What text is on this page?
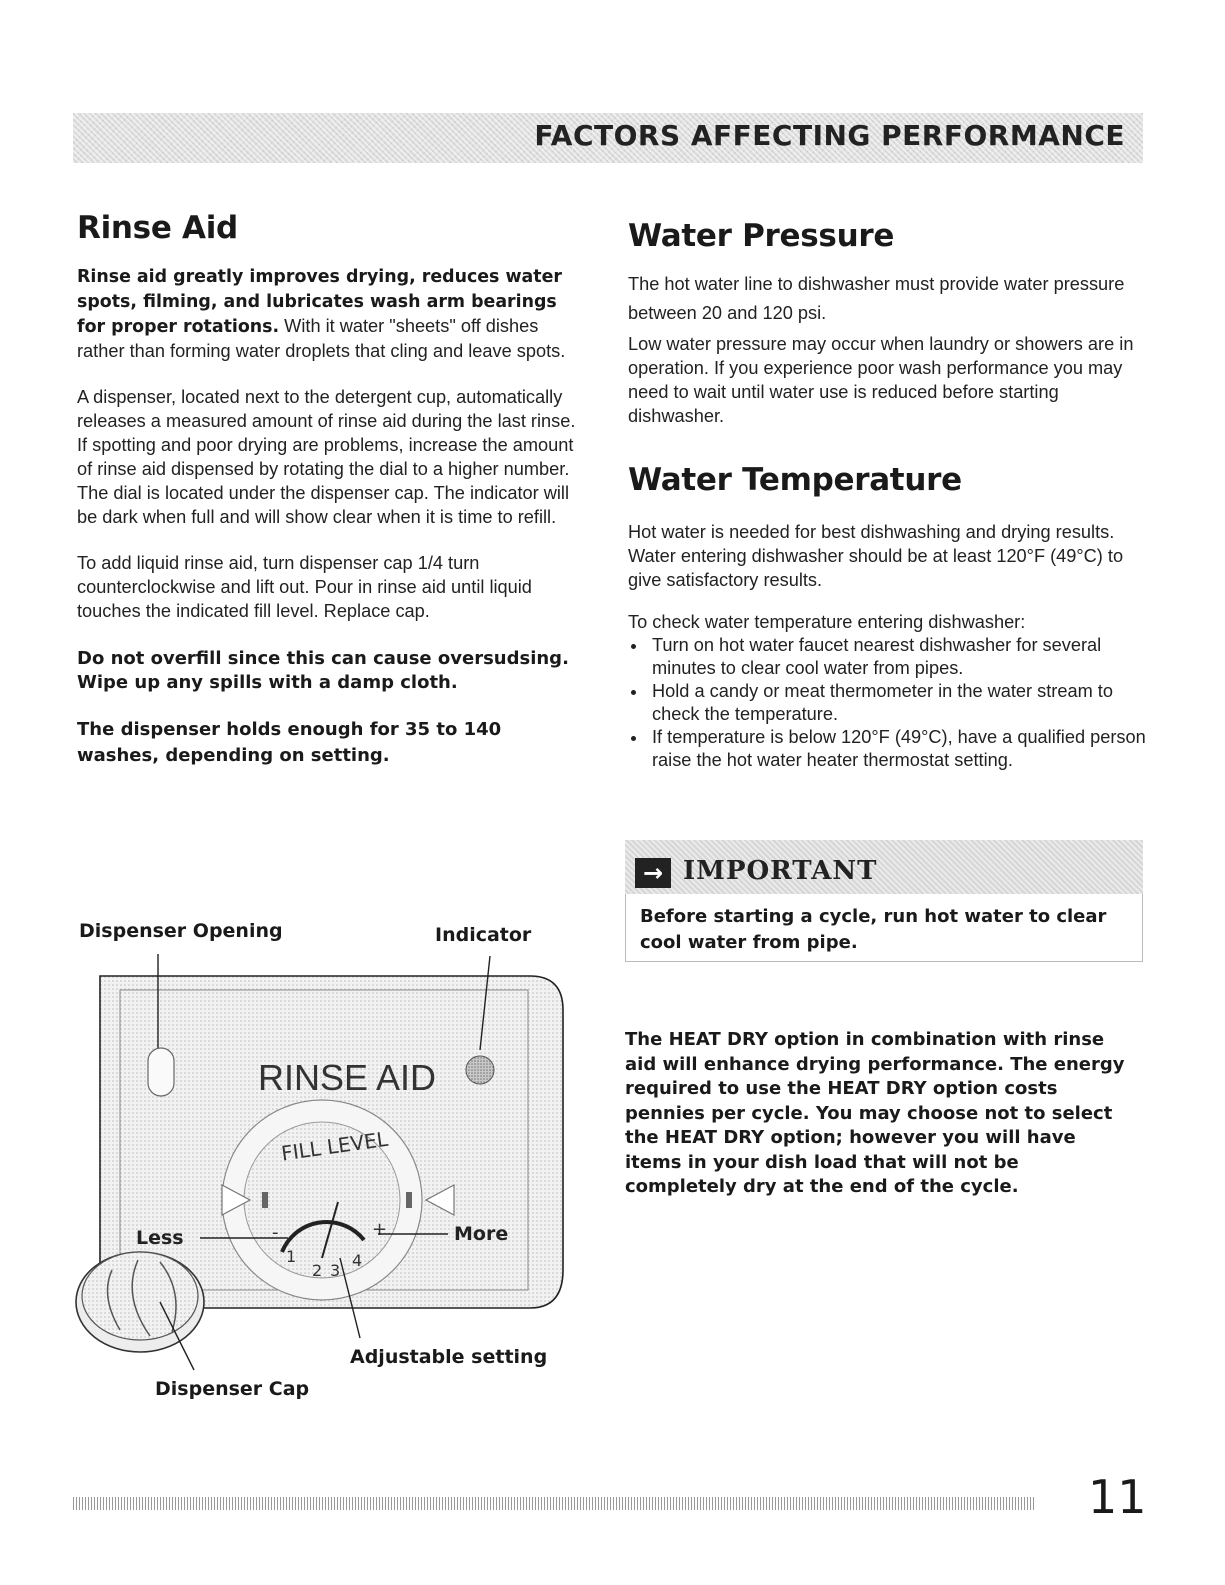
FACTORS AFFECTING PERFORMANCE
Rinse Aid

Rinse aid greatly improves drying, reduces water spots, filming, and lubricates wash arm bearings for proper rotations. With it water "sheets" off dishes rather than forming water droplets that cling and leave spots.

A dispenser, located next to the detergent cup, automatically releases a measured amount of rinse aid during the last rinse. If spotting and poor drying are problems, increase the amount of rinse aid dispensed by rotating the dial to a higher number. The dial is located under the dispenser cap. The indicator will be dark when full and will show clear when it is time to refill.

To add liquid rinse aid, turn dispenser cap 1/4 turn counterclockwise and lift out. Pour in rinse aid until liquid touches the indicated fill level. Replace cap.

Do not overfill since this can cause oversudsing. Wipe up any spills with a damp cloth.

The dispenser holds enough for 35 to 140 washes, depending on setting.

Dispenser Opening	Indicator
Adjustable setting
Dispenser Cap
RINSE AID
FILL LEVEL
-	+
1
2 3
4
Less	More
Water Pressure

The hot water line to dishwasher must provide water pressure between 20 and 120 psi.

Low water pressure may occur when laundry or showers are in operation. If you experience poor wash performance you may need to wait until water use is reduced before starting dishwasher.

Water Temperature

Hot water is needed for best dishwashing and drying results. Water entering dishwasher should be at least 120°F (49°C) to give satisfactory results.

To check water temperature entering dishwasher:

Turn on hot water faucet nearest dishwasher for several minutes to clear cool water from pipes.
Hold a candy or meat thermometer in the water stream to check the temperature.
If temperature is below 120°F (49°C), have a qualified person raise the hot water heater thermostat setting.
→ IMPORTANT

Before starting a cycle, run hot water to clear cool water from pipe.

The HEAT DRY option in combination with rinse aid will enhance drying performance. The energy required to use the HEAT DRY option costs pennies per cycle. You may choose not to select the HEAT DRY option; however you will have items in your dish load that will not be completely dry at the end of the cycle.

11
